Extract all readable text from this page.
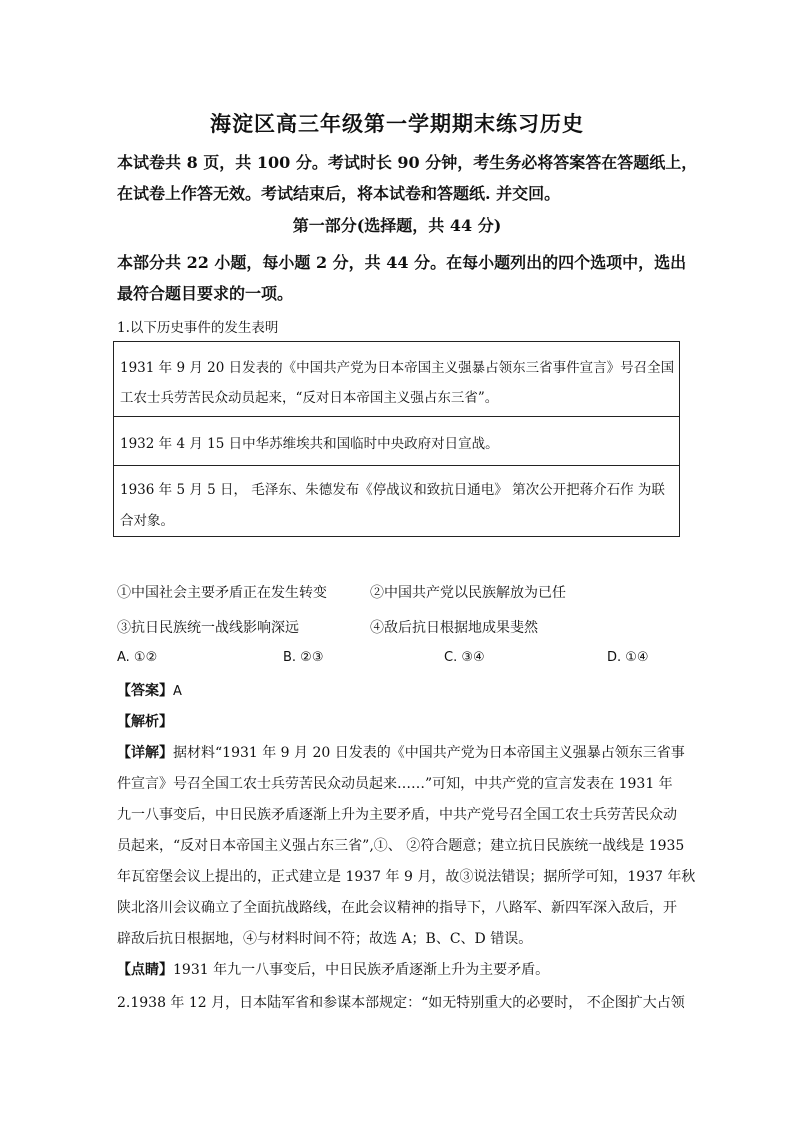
海淀区高三年级第一学期期末练习历史
本试卷共 8 页，共 100 分。考试时长 90 分钟，考生务必将答案答在答题纸上，
在试卷上作答无效。考试结束后，将本试卷和答题纸. 并交回。
第一部分(选择题，共 44 分)
本部分共 22 小题，每小题 2 分，共 44 分。在每小题列出的四个选项中，选出
最符合题目要求的一项。
1.以下历史事件的发生表明
1931 年 9 月 20 日发表的《中国共产党为日本帝国主义强暴占领东三省事件宣言》号召全国
工农士兵劳苦民众动员起来，“反对日本帝国主义强占东三省”。
1932 年 4 月 15 日中华苏维埃共和国临时中央政府对日宣战。
1936 年 5 月 5 日， 毛泽东、朱德发布《停战议和致抗日通电》 第次公开把蒋介石作 为联
合对象。
①中国社会主要矛盾正在发生转变	②中国共产党以民族解放为已任
③抗日民族统一战线影响深远	④敌后抗日根据地成果斐然
A. ①②	B. ②③	C. ③④	D. ①④
【答案】A
【解析】
【详解】据材料“1931 年 9 月 20 日发表的《中国共产党为日本帝国主义强暴占领东三省事
件宣言》号召全国工农士兵劳苦民众动员起来……”可知，中共产党的宣言发表在 1931 年
九一八事变后，中日民族矛盾逐渐上升为主要矛盾，中共产党号召全国工农士兵劳苦民众动
员起来，“反对日本帝国主义强占东三省”,①、 ②符合题意；建立抗日民族统一战线是 1935
年瓦窑堡会议上提出的，正式建立是 1937 年 9 月，故③说法错误；据所学可知，1937 年秋
陕北洛川会议确立了全面抗战路线，在此会议精神的指导下，八路军、新四军深入敌后，开
辟敌后抗日根据地，④与材料时间不符；故选 A；B、C、D 错误。
【点睛】1931 年九一八事变后，中日民族矛盾逐渐上升为主要矛盾。
2.1938 年 12 月，日本陆军省和参谋本部规定：“如无特别重大的必要时， 不企图扩大占领
